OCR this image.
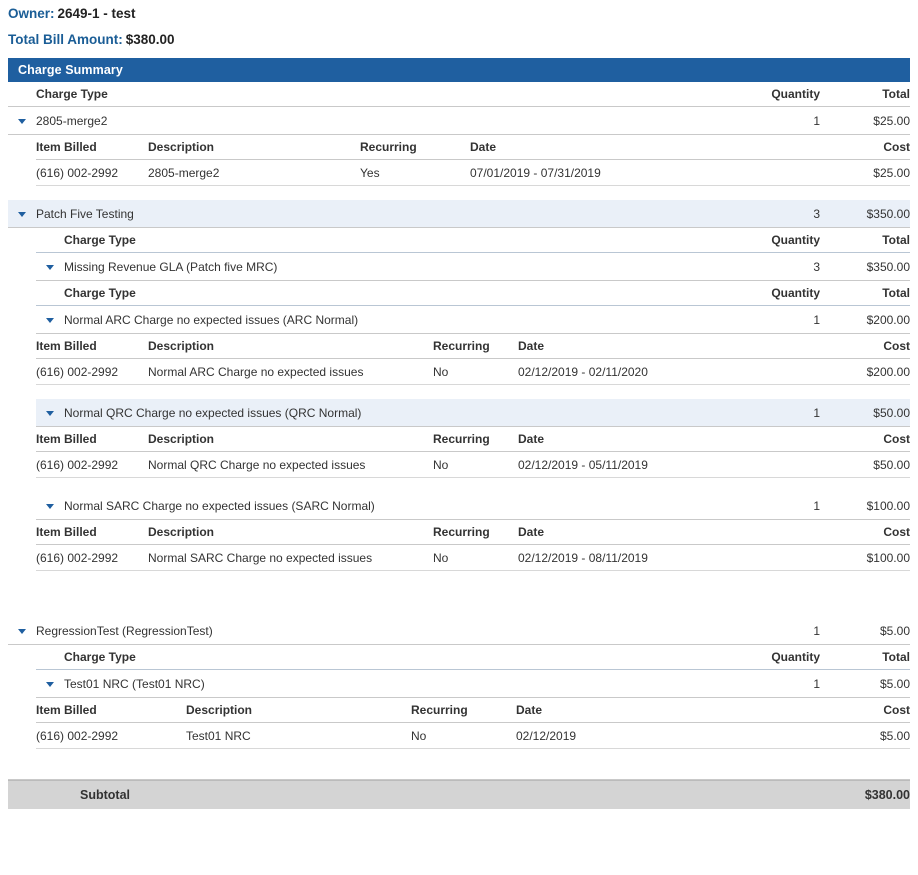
Owner: 2649-1 - test
Total Bill Amount: $380.00
Charge Summary
	Charge Type	Quantity	Total
	2805-merge2	1	$25.00
Item Billed	Description	Recurring	Date	Cost
(616) 002-2992	2805-merge2	Yes	07/01/2019 - 07/31/2019	$25.00
	Patch Five Testing	3	$350.00
	Charge Type	Quantity	Total
	Missing Revenue GLA (Patch five MRC)	3	$350.00
	Charge Type	Quantity	Total
	Normal ARC Charge no expected issues (ARC Normal)	1	$200.00
Item Billed	Description	Recurring	Date	Cost
(616) 002-2992	Normal ARC Charge no expected issues	No	02/12/2019 - 02/11/2020	$200.00
	Normal QRC Charge no expected issues (QRC Normal)	1	$50.00
Item Billed	Description	Recurring	Date	Cost
(616) 002-2992	Normal QRC Charge no expected issues	No	02/12/2019 - 05/11/2019	$50.00
	Normal SARC Charge no expected issues (SARC Normal)	1	$100.00
Item Billed	Description	Recurring	Date	Cost
(616) 002-2992	Normal SARC Charge no expected issues	No	02/12/2019 - 08/11/2019	$100.00
	RegressionTest (RegressionTest)	1	$5.00
	Charge Type	Quantity	Total
	Test01 NRC (Test01 NRC)	1	$5.00
Item Billed	Description	Recurring	Date	Cost
(616) 002-2992	Test01 NRC	No	02/12/2019	$5.00
	Subtotal	$380.00
